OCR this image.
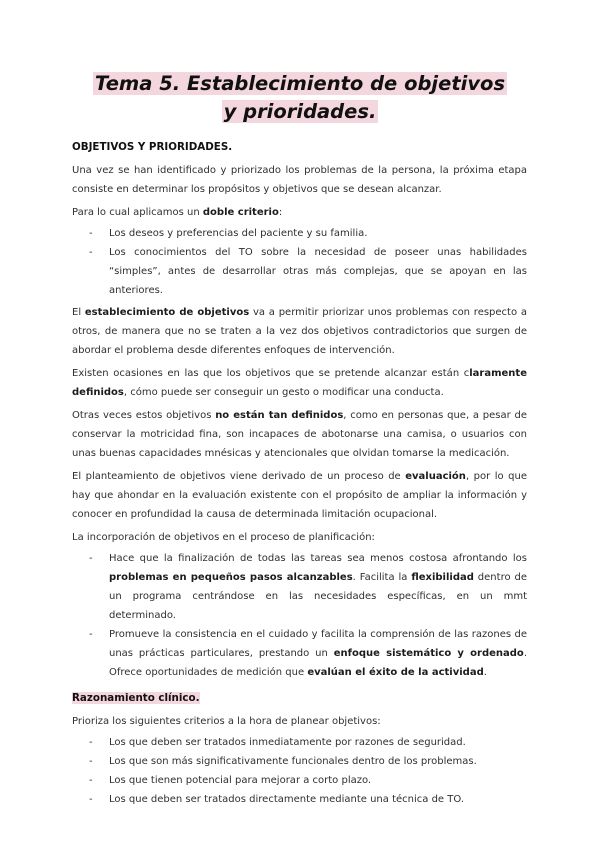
Tema 5. Establecimiento de objetivos
y prioridades.
OBJETIVOS Y PRIORIDADES.
Una vez se han identificado y priorizado los problemas de la persona, la próxima etapa consiste en determinar los propósitos y objetivos que se desean alcanzar.
Para lo cual aplicamos un doble criterio:
- Los deseos y preferencias del paciente y su familia.
- Los conocimientos del TO sobre la necesidad de poseer unas habilidades “simples”, antes de desarrollar otras más complejas, que se apoyan en las anteriores.
El establecimiento de objetivos va a permitir priorizar unos problemas con respecto a otros, de manera que no se traten a la vez dos objetivos contradictorios que surgen de abordar el problema desde diferentes enfoques de intervención.
Existen ocasiones en las que los objetivos que se pretende alcanzar están claramente definidos, cómo puede ser conseguir un gesto o modificar una conducta.
Otras veces estos objetivos no están tan definidos, como en personas que, a pesar de conservar la motricidad fina, son incapaces de abotonarse una camisa, o usuarios con unas buenas capacidades mnésicas y atencionales que olvidan tomarse la medicación.
El planteamiento de objetivos viene derivado de un proceso de evaluación, por lo que hay que ahondar en la evaluación existente con el propósito de ampliar la información y conocer en profundidad la causa de determinada limitación ocupacional.
La incorporación de objetivos en el proceso de planificación:
- Hace que la finalización de todas las tareas sea menos costosa afrontando los problemas en pequeños pasos alcanzables. Facilita la flexibilidad dentro de un programa centrándose en las necesidades específicas, en un mmt determinado.
- Promueve la consistencia en el cuidado y facilita la comprensión de las razones de unas prácticas particulares, prestando un enfoque sistemático y ordenado. Ofrece oportunidades de medición que evalúan el éxito de la actividad.
Razonamiento clínico.
Prioriza los siguientes criterios a la hora de planear objetivos:
- Los que deben ser tratados inmediatamente por razones de seguridad.
- Los que son más significativamente funcionales dentro de los problemas.
- Los que tienen potencial para mejorar a corto plazo.
- Los que deben ser tratados directamente mediante una técnica de TO.
